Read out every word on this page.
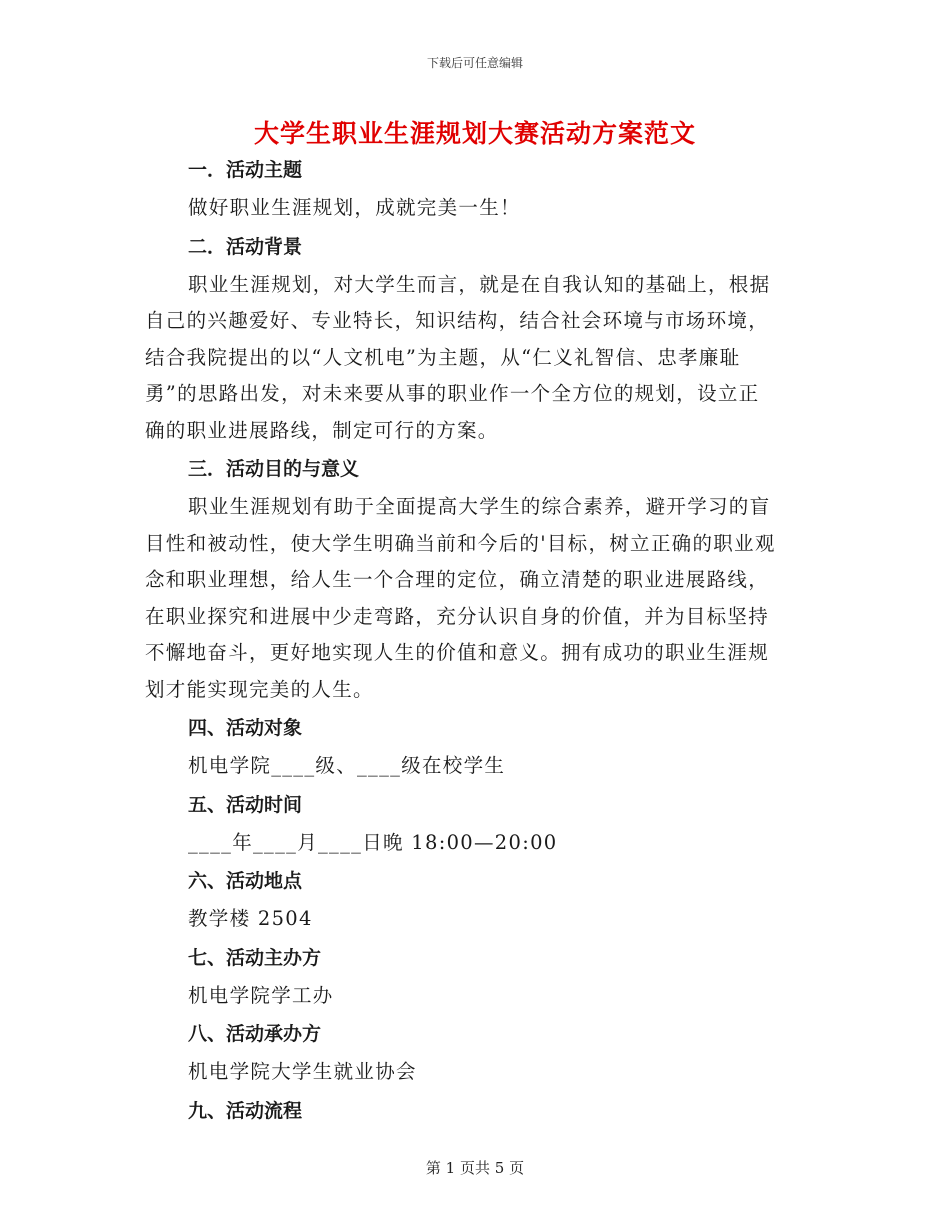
下载后可任意编辑
大学生职业生涯规划大赛活动方案范文
一．活动主题
做好职业生涯规划，成就完美一生！
二．活动背景
职业生涯规划，对大学生而言，就是在自我认知的基础上，根据
自己的兴趣爱好、专业特长，知识结构，结合社会环境与市场环境，
结合我院提出的以“人文机电”为主题，从“仁义礼智信、忠孝廉耻
勇”的思路出发，对未来要从事的职业作一个全方位的规划，设立正
确的职业进展路线，制定可行的方案。
三．活动目的与意义
职业生涯规划有助于全面提高大学生的综合素养，避开学习的盲
目性和被动性，使大学生明确当前和今后的'目标，树立正确的职业观
念和职业理想，给人生一个合理的定位，确立清楚的职业进展路线，
在职业探究和进展中少走弯路，充分认识自身的价值，并为目标坚持
不懈地奋斗，更好地实现人生的价值和意义。拥有成功的职业生涯规
划才能实现完美的人生。
四、活动对象
机电学院____级、____级在校学生
五、活动时间
____年____月____日晚 18:00—20:00
六、活动地点
教学楼 2504
七、活动主办方
机电学院学工办
八、活动承办方
机电学院大学生就业协会
九、活动流程
第 1 页共 5 页
